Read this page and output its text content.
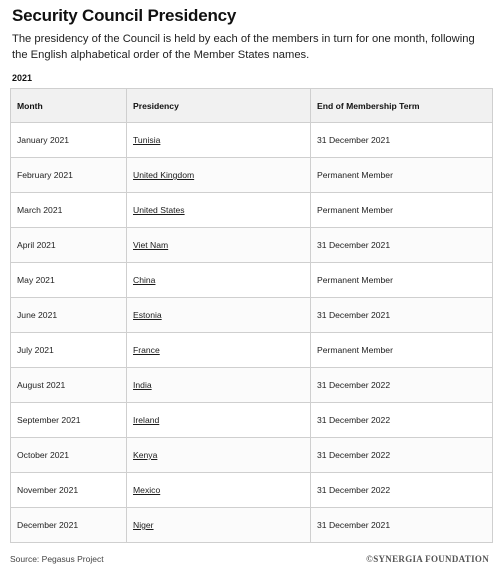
Security Council Presidency

The presidency of the Council is held by each of the members in turn for one month, following the English alphabetical order of the Member States names.

2021
Month	Presidency	End of Membership Term
January 2021	Tunisia	31 December 2021
February 2021	United Kingdom	Permanent Member
March 2021	United States	Permanent Member
April 2021	Viet Nam	31 December 2021
May 2021	China	Permanent Member
June 2021	Estonia	31 December 2021
July 2021	France	Permanent Member
August 2021	India	31 December 2022
September 2021	Ireland	31 December 2022
October 2021	Kenya	31 December 2022
November 2021	Mexico	31 December 2022
December 2021	Niger	31 December 2021
Source: Pegasus Project	©SYNERGIA FOUNDATION
